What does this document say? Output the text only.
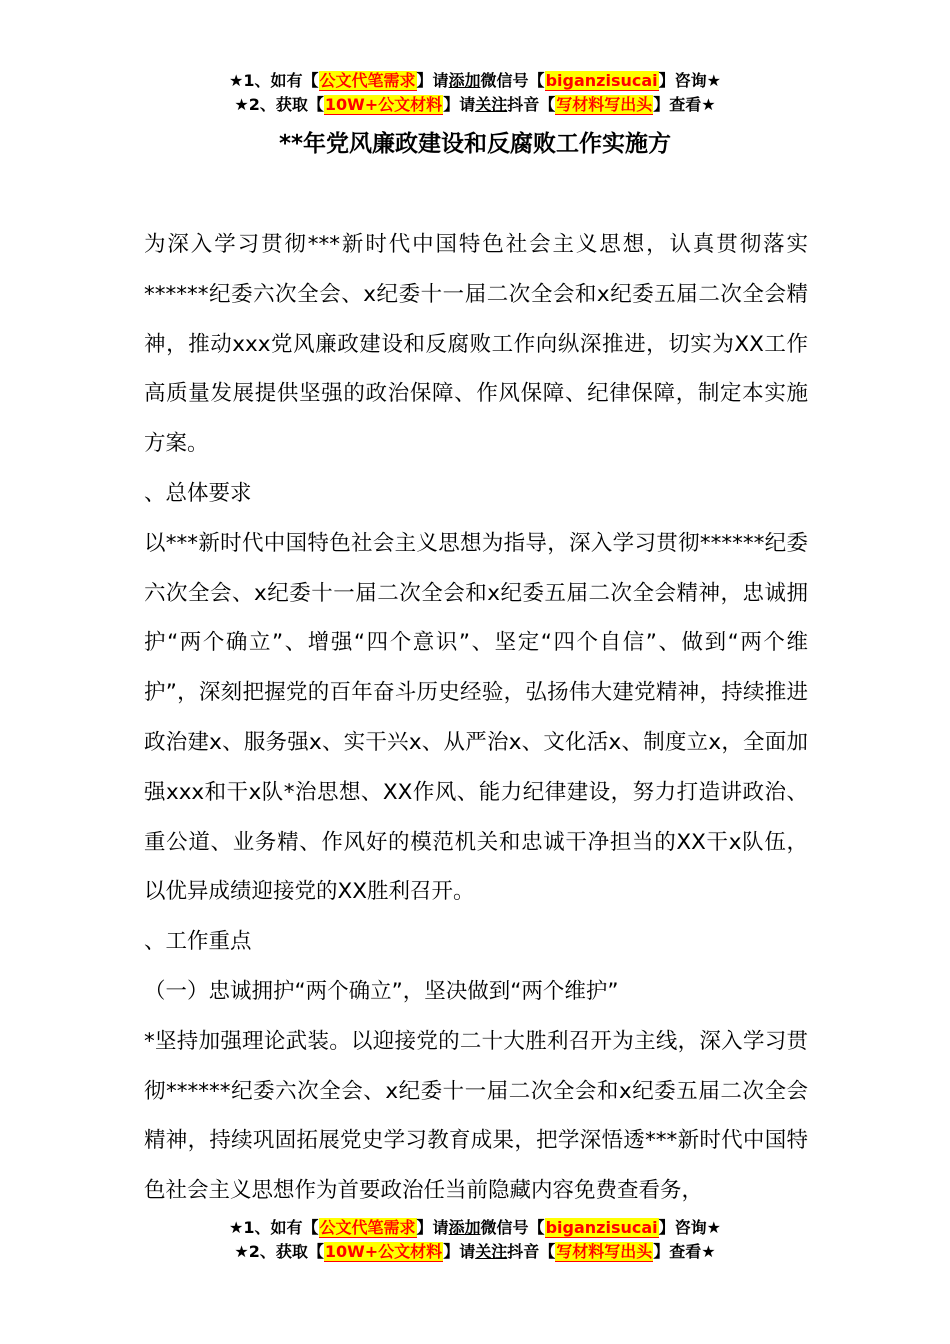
★1、如有【公文代笔需求】请添加微信号【biganzisucai】咨询★
★2、获取【10W+公文材料】请关注抖音【写材料写出头】查看★
**年党风廉政建设和反腐败工作实施方

为深入学习贯彻***新时代中国特色社会主义思想，认真贯彻落实******纪委六次全会、x纪委十一届二次全会和x纪委五届二次全会精神，推动xxx党风廉政建设和反腐败工作向纵深推进，切实为XX工作高质量发展提供坚强的政治保障、作风保障、纪律保障，制定本实施方案。

、总体要求

以***新时代中国特色社会主义思想为指导，深入学习贯彻******纪委六次全会、x纪委十一届二次全会和x纪委五届二次全会精神，忠诚拥护“两个确立”、增强“四个意识”、坚定“四个自信”、做到“两个维护”，深刻把握党的百年奋斗历史经验，弘扬伟大建党精神，持续推进政治建x、服务强x、实干兴x、从严治x、文化活x、制度立x，全面加强xxx和干x队*治思想、XX作风、能力纪律建设，努力打造讲政治、重公道、业务精、作风好的模范机关和忠诚干净担当的XX干x队伍，以优异成绩迎接党的XX胜利召开。

、工作重点

（一）忠诚拥护“两个确立”，坚决做到“两个维护”

*坚持加强理论武装。以迎接党的二十大胜利召开为主线，深入学习贯彻******纪委六次全会、x纪委十一届二次全会和x纪委五届二次全会精神，持续巩固拓展党史学习教育成果，把学深悟透***新时代中国特色社会主义思想作为首要政治任当前隐藏内容免费查看务，

★1、如有【公文代笔需求】请添加微信号【biganzisucai】咨询★
★2、获取【10W+公文材料】请关注抖音【写材料写出头】查看★
